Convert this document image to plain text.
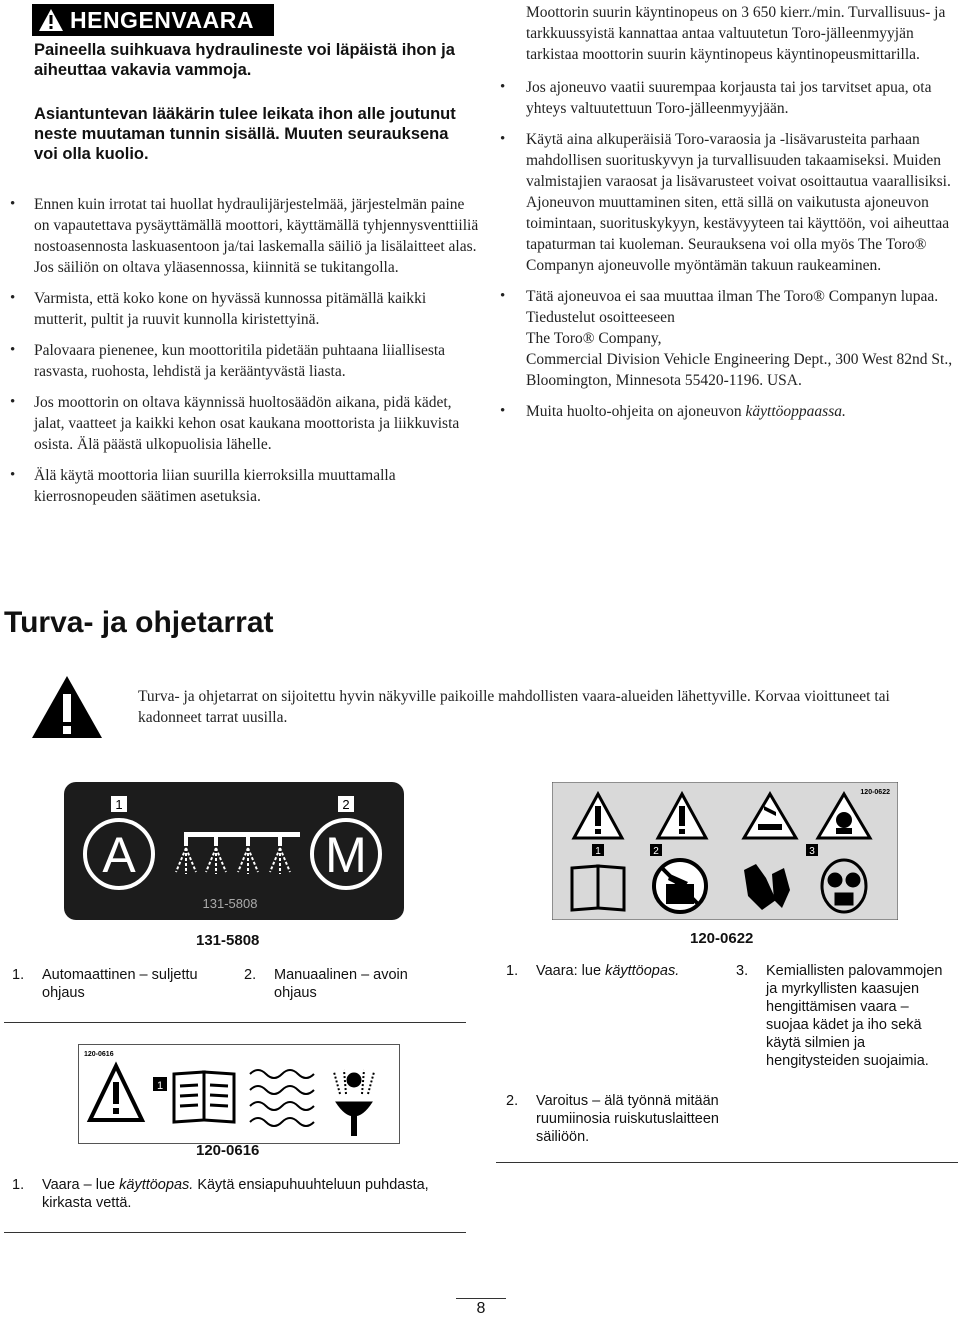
HENGENVAARA
Paineella suihkuava hydraulineste voi läpäistä ihon ja aiheuttaa vakavia vammoja.
Asiantuntevan lääkärin tulee leikata ihon alle joutunut neste muutaman tunnin sisällä. Muuten seurauksena voi olla kuolio.
• Ennen kuin irrotat tai huollat hydraulijärjestelmää, järjestelmän paine on vapautettava pysäyttämällä moottori, käyttämällä tyhjennysventtiiliä nostoasennosta laskuasentoon ja/tai laskemalla säiliö ja lisälaitteet alas. Jos säiliön on oltava yläasennossa, kiinnitä se tukitangolla.
• Varmista, että koko kone on hyvässä kunnossa pitämällä kaikki mutterit, pultit ja ruuvit kunnolla kiristettyinä.
• Palovaara pienenee, kun moottoritila pidetään puhtaana liiallisesta rasvasta, ruohosta, lehdistä ja kerääntyvästä liasta.
• Jos moottorin on oltava käynnissä huoltosäädön aikana, pidä kädet, jalat, vaatteet ja kaikki kehon osat kaukana moottorista ja liikkuvista osista. Älä päästä ulkopuolisia lähelle.
• Älä käytä moottoria liian suurilla kierroksilla muuttamalla kierrosnopeuden säätimen asetuksia.
Moottorin suurin käyntinopeus on 3 650 kierr./min. Turvallisuus- ja tarkkuussyistä kannattaa antaa valtuutetun Toro-jälleenmyyjän tarkistaa moottorin suurin käyntinopeus käyntinopeusmittarilla.
• Jos ajoneuvo vaatii suurempaa korjausta tai jos tarvitset apua, ota yhteys valtuutettuun Toro-jälleenmyyjään.
• Käytä aina alkuperäisiä Toro-varaosia ja -lisävarusteita parhaan mahdollisen suorituskyvyn ja turvallisuuden takaamiseksi. Muiden valmistajien varaosat ja lisävarusteet voivat osoittautua vaarallisiksi. Ajoneuvon muuttaminen siten, että sillä on vaikutusta ajoneuvon toimintaan, suorituskykyyn, kestävyyteen tai käyttöön, voi aiheuttaa tapaturman tai kuoleman. Seurauksena voi olla myös The Toro® Companyn ajoneuvolle myöntämän takuun raukeaminen.
• Tätä ajoneuvoa ei saa muuttaa ilman The Toro® Companyn lupaa. Tiedustelut osoitteeseen
The Toro® Company,
Commercial Division Vehicle Engineering Dept., 300 West 82nd St., Bloomington, Minnesota 55420-1196. USA.
• Muita huolto-ohjeita on ajoneuvon käyttöoppaassa.
Turva- ja ohjetarrat
Turva- ja ohjetarrat on sijoitettu hyvin näkyville paikoille mahdollisten vaara-alueiden lähettyville. Korvaa vioittuneet tai kadonneet tarrat uusilla.
1	2
A	M
131-5808
131-5808
1.	Automaattinen – suljettu ohjaus
2.	Manuaalinen – avoin ohjaus
120-0616
1
120-0616
1.	Vaara – lue käyttöopas. Käytä ensiapuhuuhteluun puhdasta, kirkasta vettä.
120-0622
1	2	3
120-0622
1.	Vaara: lue käyttöopas.
2.	Varoitus – älä työnnä mitään ruumiinosia ruiskutuslaitteen säiliöön.
3.	Kemiallisten palovammojen ja myrkyllisten kaasujen hengittämisen vaara – suojaa kädet ja iho sekä käytä silmien ja hengitysteiden suojaimia.
8
